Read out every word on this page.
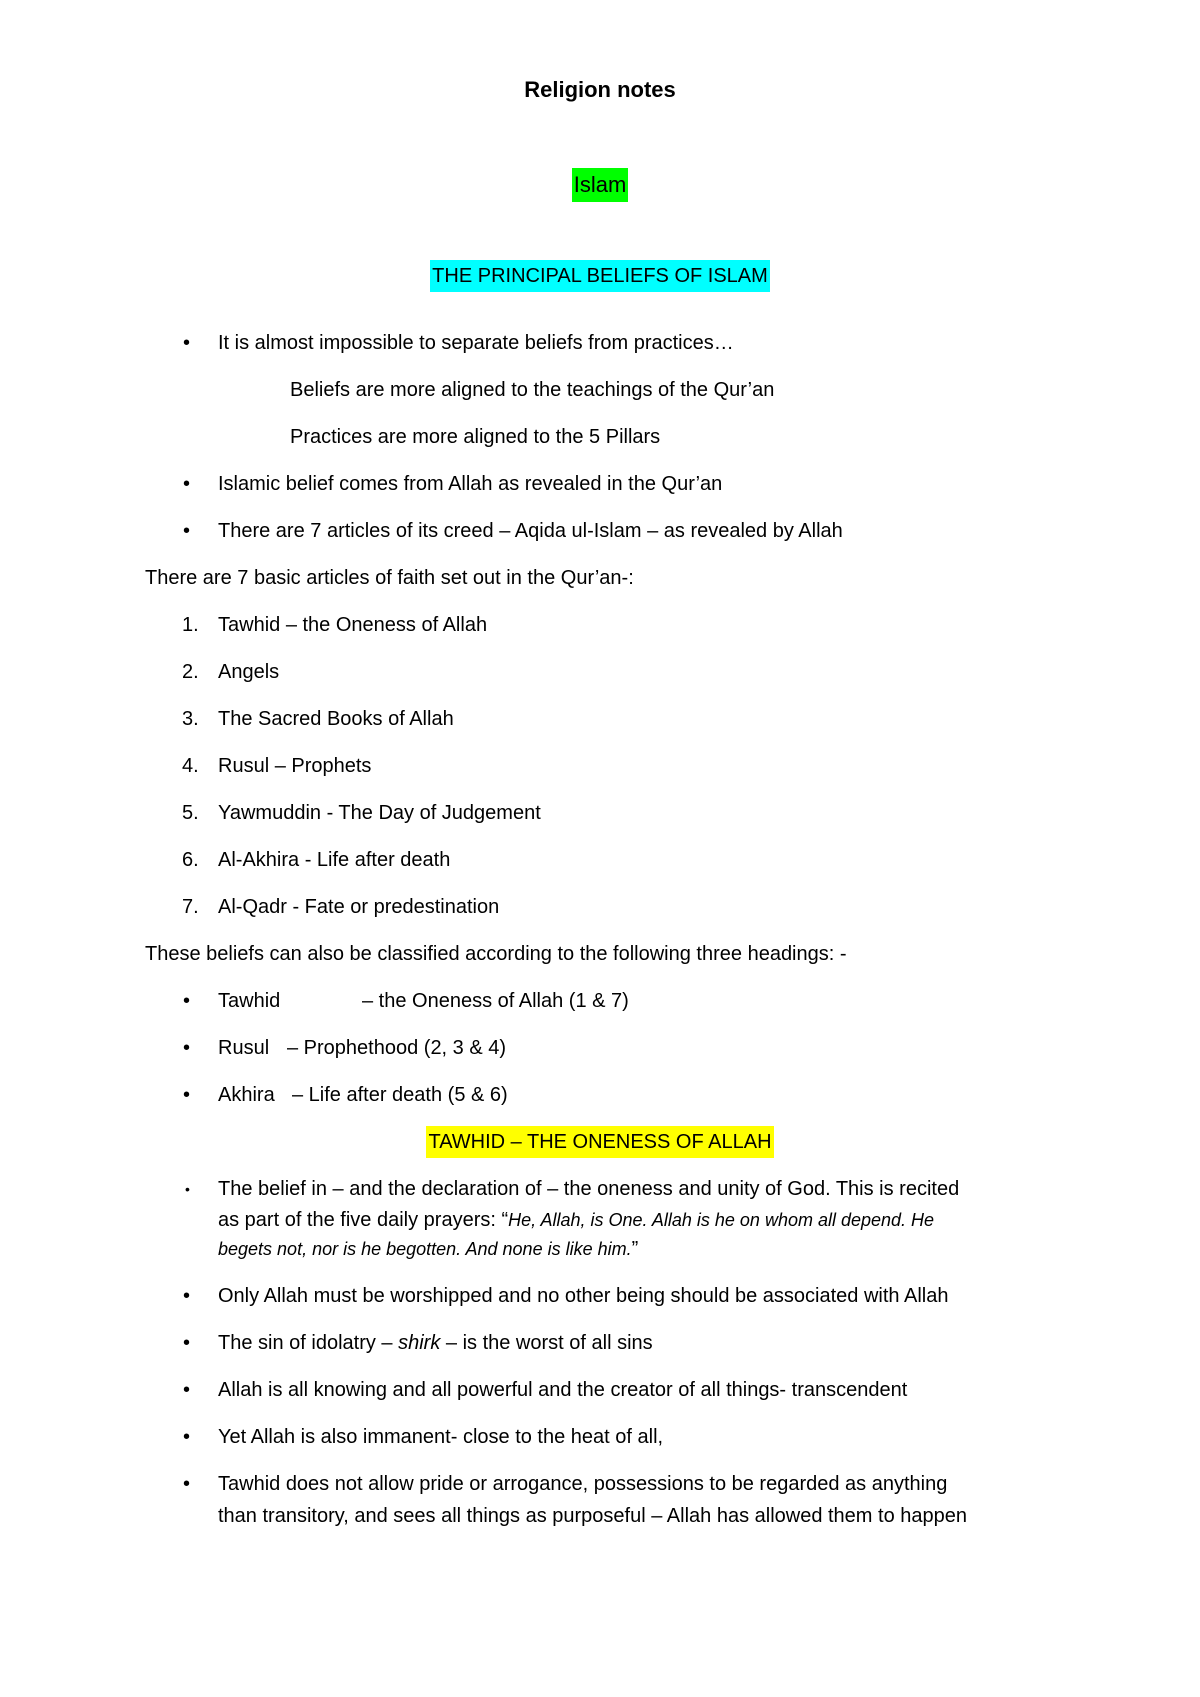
Religion notes
Islam
THE PRINCIPAL BELIEFS OF ISLAM
• It is almost impossible to separate beliefs from practices…
Beliefs are more aligned to the teachings of the Qur’an
Practices are more aligned to the 5 Pillars
• Islamic belief comes from Allah as revealed in the Qur’an
• There are 7 articles of its creed – Aqida ul-Islam – as revealed by Allah
There are 7 basic articles of faith set out in the Qur’an-:
1. Tawhid – the Oneness of Allah
2. Angels
3. The Sacred Books of Allah
4. Rusul – Prophets
5. Yawmuddin - The Day of Judgement
6. Al-Akhira - Life after death
7. Al-Qadr - Fate or predestination
These beliefs can also be classified according to the following three headings: -
• Tawhid	– the Oneness of Allah (1 & 7)
• Rusul – Prophethood (2, 3 & 4)
• Akhira – Life after death (5 & 6)
TAWHID – THE ONENESS OF ALLAH
• The belief in – and the declaration of – the oneness and unity of God. This is recited
as part of the five daily prayers: “He, Allah, is One. Allah is he on whom all depend. He
begets not, nor is he begotten. And none is like him.”
• Only Allah must be worshipped and no other being should be associated with Allah
• The sin of idolatry – shirk – is the worst of all sins
• Allah is all knowing and all powerful and the creator of all things- transcendent
• Yet Allah is also immanent- close to the heat of all,
• Tawhid does not allow pride or arrogance, possessions to be regarded as anything
than transitory, and sees all things as purposeful – Allah has allowed them to happen
